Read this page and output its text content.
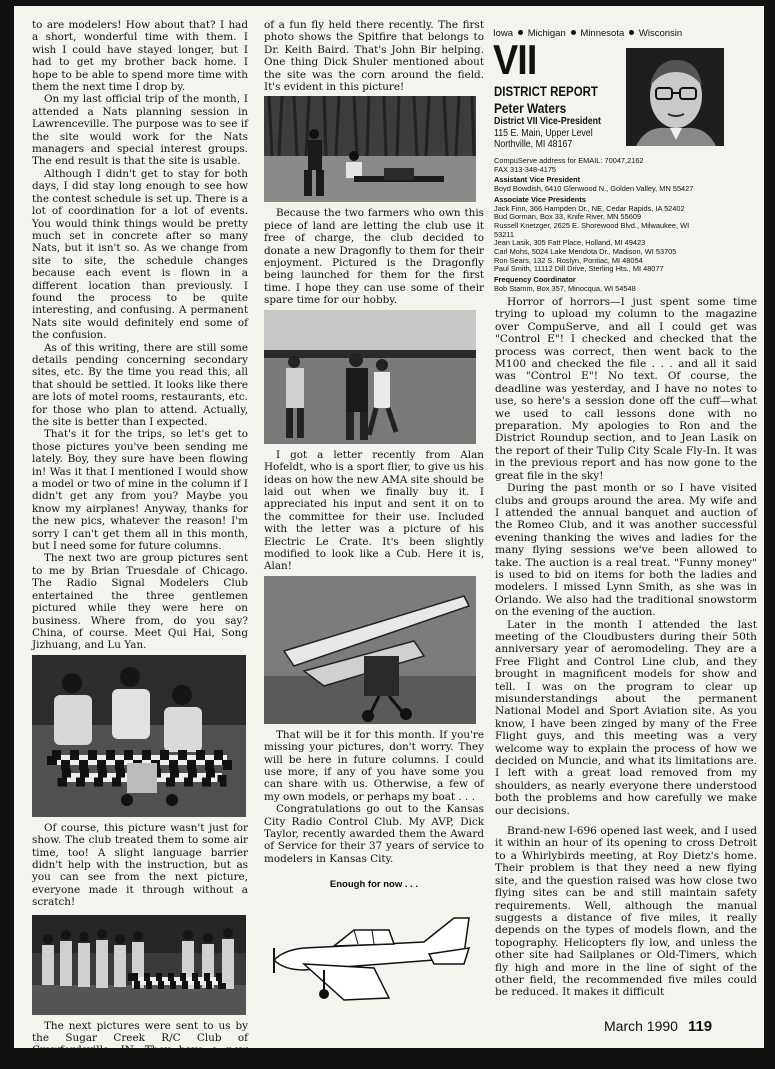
to are modelers! How about that? I had a short, wonderful time with them. I wish I could have stayed longer, but I had to get my brother back home. I hope to be able to spend more time with them the next time I drop by.

On my last official trip of the month, I attended a Nats planning session in Lawrenceville. The purpose was to see if the site would work for the Nats managers and special interest groups. The end result is that the site is usable.

Although I didn't get to stay for both days, I did stay long enough to see how the contest schedule is set up. There is a lot of coordination for a lot of events. You would think things would be pretty much set in concrete after so many Nats, but it isn't so. As we change from site to site, the schedule changes because each event is flown in a different location than previously. I found the process to be quite interesting, and confusing. A permanent Nats site would definitely end some of the confusion.

As of this writing, there are still some details pending concerning secondary sites, etc. By the time you read this, all that should be settled. It looks like there are lots of motel rooms, restaurants, etc. for those who plan to attend. Actually, the site is better than I expected.

That's it for the trips, so let's get to those pictures you've been sending me lately. Boy, they sure have been flowing in! Was it that I mentioned I would show a model or two of mine in the column if I didn't get any from you? Maybe you know my airplanes! Anyway, thanks for the new pics, whatever the reason! I'm sorry I can't get them all in this month, but I need some for future columns.

The next two are group pictures sent to me by Brian Truesdale of Chicago. The Radio Signal Modelers Club entertained the three gentlemen pictured while they were here on business. Where from, do you say? China, of course. Meet Qui Hai, Song Jizhuang, and Lu Yan.

Of course, this picture wasn't just for show. The club treated them to some air time, too! A slight language barrier didn't help with the instruction, but as you can see from the next picture, everyone made it through without a scratch!

The next pictures were sent to us by the Sugar Creek R/C Club of Crawfordsville, IN. They have a new field, and the photos were

of a fun fly held there recently. The first photo shows the Spitfire that belongs to Dr. Keith Baird. That's John Bir helping. One thing Dick Shuler mentioned about the site was the corn around the field. It's evident in this picture!

Because the two farmers who own this piece of land are letting the club use it free of charge, the club decided to donate a new Dragonfly to them for their enjoyment. Pictured is the Dragonfly being launched for them for the first time. I hope they can use some of their spare time for our hobby.

I got a letter recently from Alan Hofeldt, who is a sport flier, to give us his ideas on how the new AMA site should be laid out when we finally buy it. I appreciated his input and sent it on to the committee for their use. Included with the letter was a picture of his Electric Le Crate. It's been slightly modified to look like a Cub. Here it is, Alan!

That will be it for this month. If you're missing your pictures, don't worry. They will be here in future columns. I could use more, if any of you have some you can share with us. Otherwise, a few of my own models, or perhaps my boat . . .

Congratulations go out to the Kansas City Radio Control Club. My AVP, Dick Taylor, recently awarded them the Award of Service for their 37 years of service to modelers in Kansas City.

Enough for now . . .
Iowa Michigan Minnesota Wisconsin
VII
DISTRICT REPORT
Peter Waters
District VII Vice-President
115 E. Main, Upper Level
Northville, MI 48167
CompuServe address for EMAIL: 70047,2162
FAX 313-348-4175
Assistant Vice President
Boyd Bowdish, 6410 Glenwood N., Golden Valley, MN 55427
Associate Vice Presidents
Jack Finn, 366 Hampden Dr., NE, Cedar Rapids, IA 52402
Bud Gorman, Box 33, Knife River, MN 55609
Russell Knetzger, 2625 E. Shorewood Blvd., Milwaukee, WI
53211
Jean Lasik, 305 Fatt Place, Holland, MI 49423
Carl Mohs, 5024 Lake Mendota Dr., Madison, WI 53705
Ron Sears, 132 S. Roslyn, Pontiac, MI 48054
Paul Smith, 11112 Dill Drive, Sterling Hts., MI 48077
Frequency Coordinator
Bob Stamm, Box 357, Minocqua, WI 54548

Horror of horrors—I just spent some time trying to upload my column to the magazine over CompuServe, and all I could get was "Control E"! I checked and checked that the process was correct, then went back to the M100 and checked the file . . . and all it said was "Control E"! No text. Of course, the deadline was yesterday, and I have no notes to use, so here's a session done off the cuff—what we used to call lessons done with no preparation. My apologies to Ron and the District Roundup section, and to Jean Lasik on the report of their Tulip City Scale Fly-In. It was in the previous report and has now gone to the great file in the sky!

During the past month or so I have visited clubs and groups around the area. My wife and I attended the annual banquet and auction of the Romeo Club, and it was another successful evening thanking the wives and ladies for the many flying sessions we've been allowed to take. The auction is a real treat. "Funny money" is used to bid on items for both the ladies and modelers. I missed Lynn Smith, as she was in Orlando. We also had the traditional snowstorm on the evening of the auction.

Later in the month I attended the last meeting of the Cloudbusters during their 50th anniversary year of aeromodeling. They are a Free Flight and Control Line club, and they brought in magnificent models for show and tell. I was on the program to clear up misunderstandings about the permanent National Model and Sport Aviation site. As you know, I have been zinged by many of the Free Flight guys, and this meeting was a very welcome way to explain the process of how we decided on Muncie, and what its limitations are. I left with a great load removed from my shoulders, as nearly everyone there understood both the problems and how carefully we make our decisions.

Brand-new I-696 opened last week, and I used it within an hour of its opening to cross Detroit to a Whirlybirds meeting, at Roy Dietz's home. Their problem is that they need a new flying site, and the question raised was how close two flying sites can be and still maintain safety requirements. Well, although the manual suggests a distance of five miles, it really depends on the types of models flown, and the topography. Helicopters fly low, and unless the other site had Sailplanes or Old-Timers, which fly high and more in the line of sight of the other field, the recommended five miles could be reduced. It makes it difficult

March 1990 119
